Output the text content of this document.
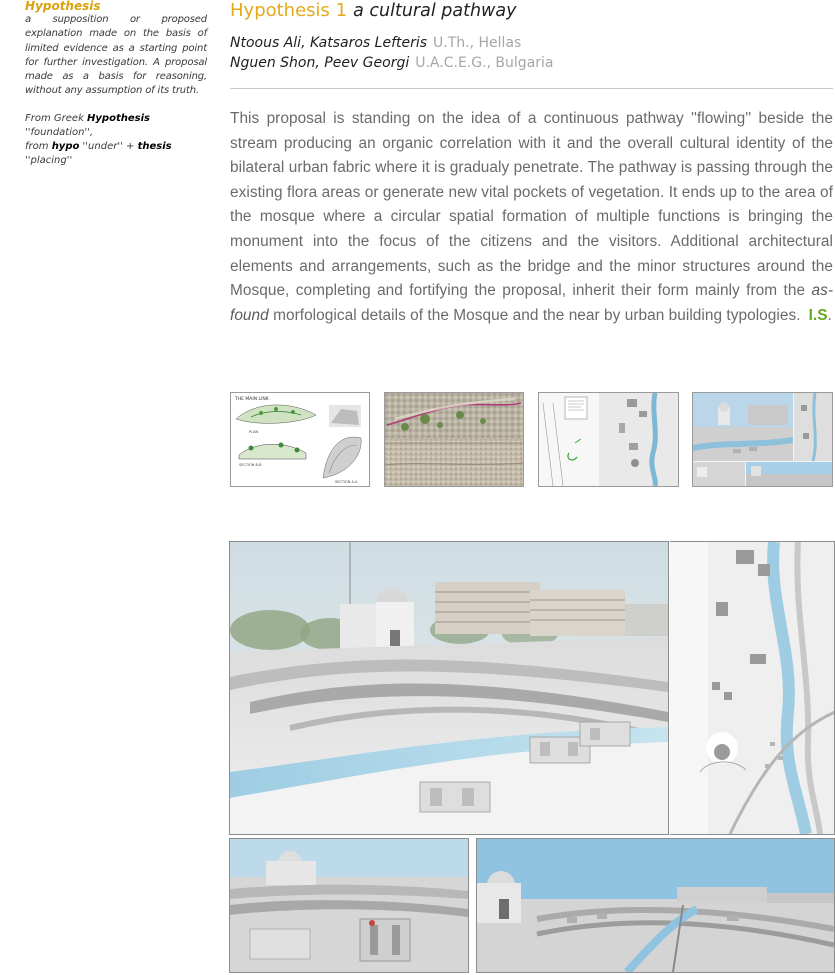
Hypothesis

a supposition or proposed explanation made on the basis of limited evidence as a starting point for further investigation. A proposal made as a basis for reasoning, without any assumption of its truth.

From Greek Hypothesis ''foundation'',
from hypo ''under'' + thesis ''placing''

Hypothesis 1 a cultural pathway

Ntoous Ali, Katsaros Lefteris U.Th., Hellas
Nguen Shon, Peev Georgi U.A.C.E.G., Bulgaria

This proposal is standing on the idea of a continuous pathway ''flowing'' beside the stream producing an organic correlation with it and the overall cultural identity of the bilateral urban fabric where it is gradualy penetrate. The pathway is passing through the existing flora areas or generate new vital pockets of vegetation. It ends up to the area of the mosque where a circular spatial formation of multiple functions is bringing the monument into the focus of the citizens and the visitors. Additional architectural elements and arrangements, such as the bridge and the minor structures around the Mosque, completing and fortifying the proposal, inherit their form mainly from the as-found morfological details of the Mosque and the near by urban building typologies. I.S.

THE MAIN LINK
PLAN
SECTION B-B
SECTION A-A
